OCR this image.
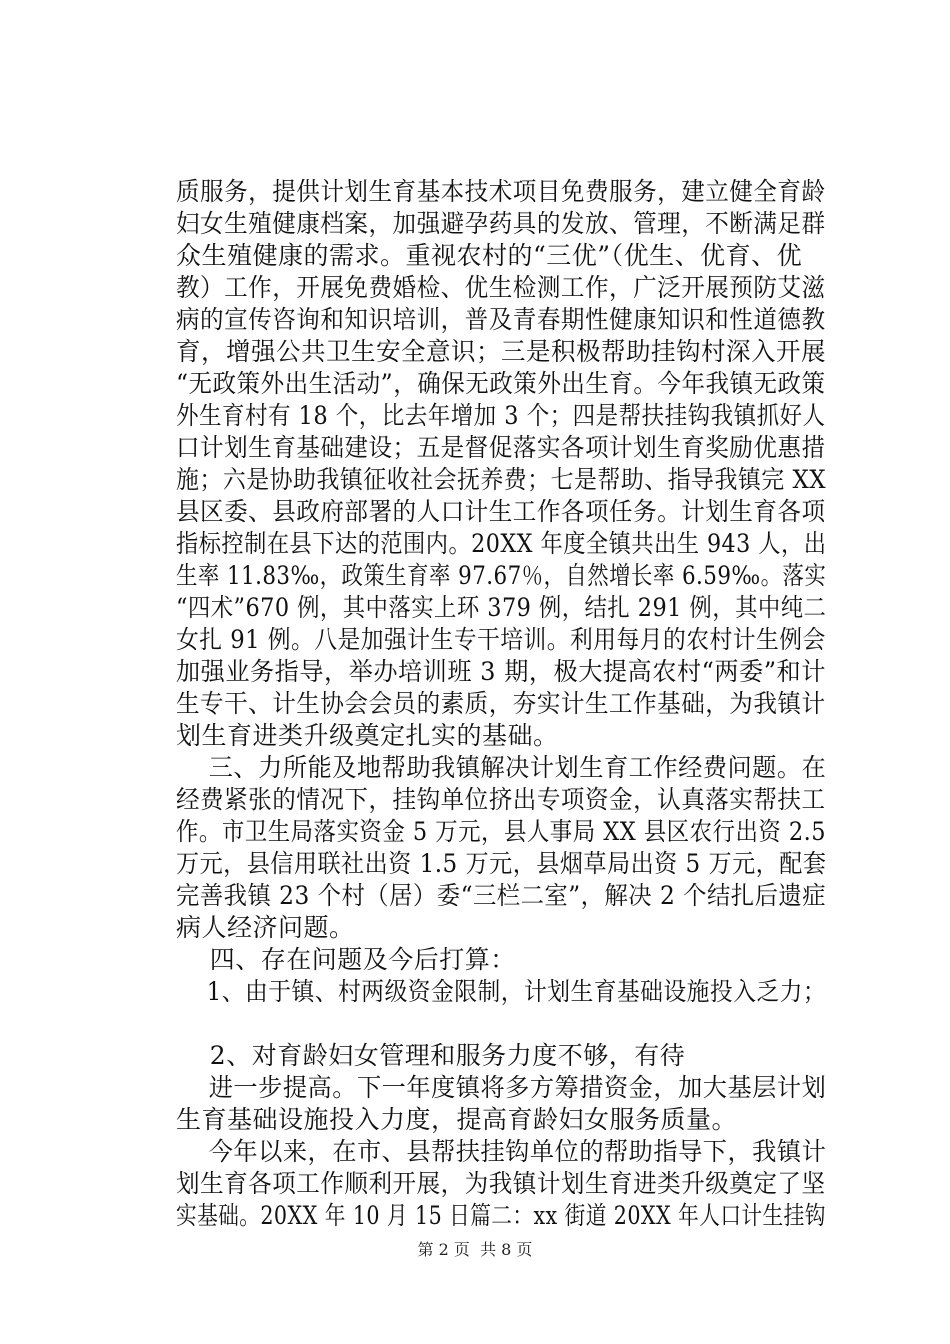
质服务，提供计划生育基本技术项目免费服务，建立健全育龄
妇女生殖健康档案，加强避孕药具的发放、管理，不断满足群
众生殖健康的需求。重视农村的“三优”（优生、优育、优
教）工作，开展免费婚检、优生检测工作，广泛开展预防艾滋
病的宣传咨询和知识培训，普及青春期性健康知识和性道德教
育，增强公共卫生安全意识；三是积极帮助挂钩村深入开展
“无政策外出生活动”，确保无政策外出生育。今年我镇无政策
外生育村有 18 个，比去年增加 3 个；四是帮扶挂钩我镇抓好人
口计划生育基础建设；五是督促落实各项计划生育奖励优惠措
施；六是协助我镇征收社会抚养费；七是帮助、指导我镇完 XX
县区委、县政府部署的人口计生工作各项任务。计划生育各项
指标控制在县下达的范围内。20XX 年度全镇共出生 943 人，出
生率 11.83‰，政策生育率 97.67％，自然增长率 6.59‰。落实
“四术”670 例，其中落实上环 379 例，结扎 291 例，其中纯二
女扎 91 例。八是加强计生专干培训。利用每月的农村计生例会
加强业务指导，举办培训班 3 期，极大提高农村“两委”和计
生专干、计生协会会员的素质，夯实计生工作基础，为我镇计
划生育进类升级奠定扎实的基础。
三、力所能及地帮助我镇解决计划生育工作经费问题。在
经费紧张的情况下，挂钩单位挤出专项资金，认真落实帮扶工
作。市卫生局落实资金 5 万元，县人事局 XX 县区农行出资 2.5
万元，县信用联社出资 1.5 万元，县烟草局出资 5 万元，配套
完善我镇 23 个村（居）委“三栏二室”，解决 2 个结扎后遗症
病人经济问题。
四、存在问题及今后打算：
1、由于镇、村两级资金限制，计划生育基础设施投入乏力；
2、对育龄妇女管理和服务力度不够，有待
进一步提高。下一年度镇将多方筹措资金，加大基层计划
生育基础设施投入力度，提高育龄妇女服务质量。
今年以来，在市、县帮扶挂钩单位的帮助指导下，我镇计
划生育各项工作顺利开展，为我镇计划生育进类升级奠定了坚
实基础。20XX 年 10 月 15 日篇二：xx 街道 20XX 年人口计生挂钩
第 2 页  共 8 页
